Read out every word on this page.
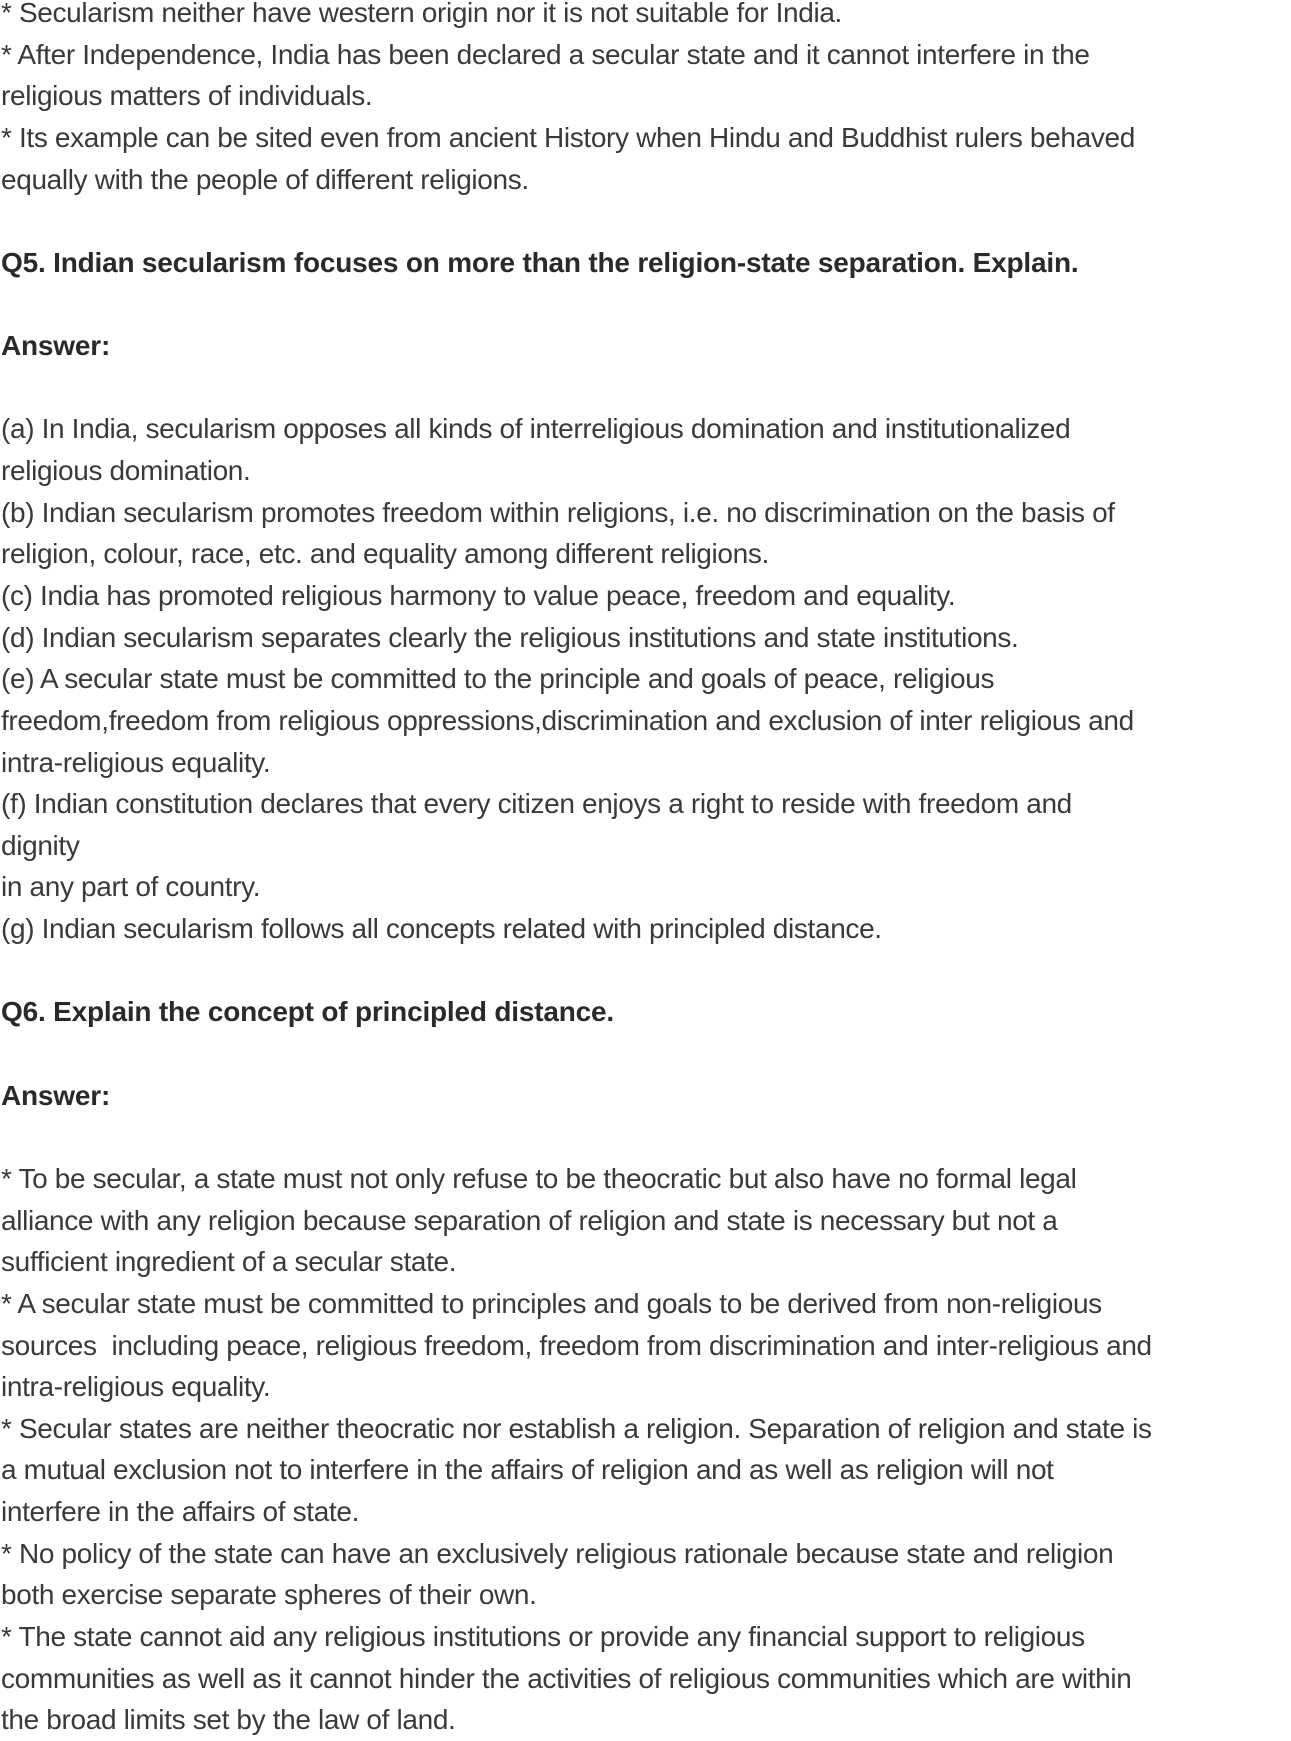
* Secularism neither have western origin nor it is not suitable for India.
* After Independence, India has been declared a secular state and it cannot interfere in the
religious matters of individuals.
* Its example can be sited even from ancient History when Hindu and Buddhist rulers behaved
equally with the people of different religions.
Q5. Indian secularism focuses on more than the religion-state separation. Explain.
Answer:
(a) In India, secularism opposes all kinds of interreligious domination and institutionalized
religious domination.
(b) Indian secularism promotes freedom within religions, i.e. no discrimination on the basis of
religion, colour, race, etc. and equality among different religions.
(c) India has promoted religious harmony to value peace, freedom and equality.
(d) Indian secularism separates clearly the religious institutions and state institutions.
(e) A secular state must be committed to the principle and goals of peace, religious
freedom,freedom from religious oppressions,discrimination and exclusion of inter religious and
intra-religious equality.
(f) Indian constitution declares that every citizen enjoys a right to reside with freedom and
dignity
in any part of country.
(g) Indian secularism follows all concepts related with principled distance.
Q6. Explain the concept of principled distance.
Answer:
* To be secular, a state must not only refuse to be theocratic but also have no formal legal
alliance with any religion because separation of religion and state is necessary but not a
sufficient ingredient of a secular state.
* A secular state must be committed to principles and goals to be derived from non-religious
sources  including peace, religious freedom, freedom from discrimination and inter-religious and
intra-religious equality.
* Secular states are neither theocratic nor establish a religion. Separation of religion and state is
a mutual exclusion not to interfere in the affairs of religion and as well as religion will not
interfere in the affairs of state.
* No policy of the state can have an exclusively religious rationale because state and religion
both exercise separate spheres of their own.
* The state cannot aid any religious institutions or provide any financial support to religious
communities as well as it cannot hinder the activities of religious communities which are within
the broad limits set by the law of land.
